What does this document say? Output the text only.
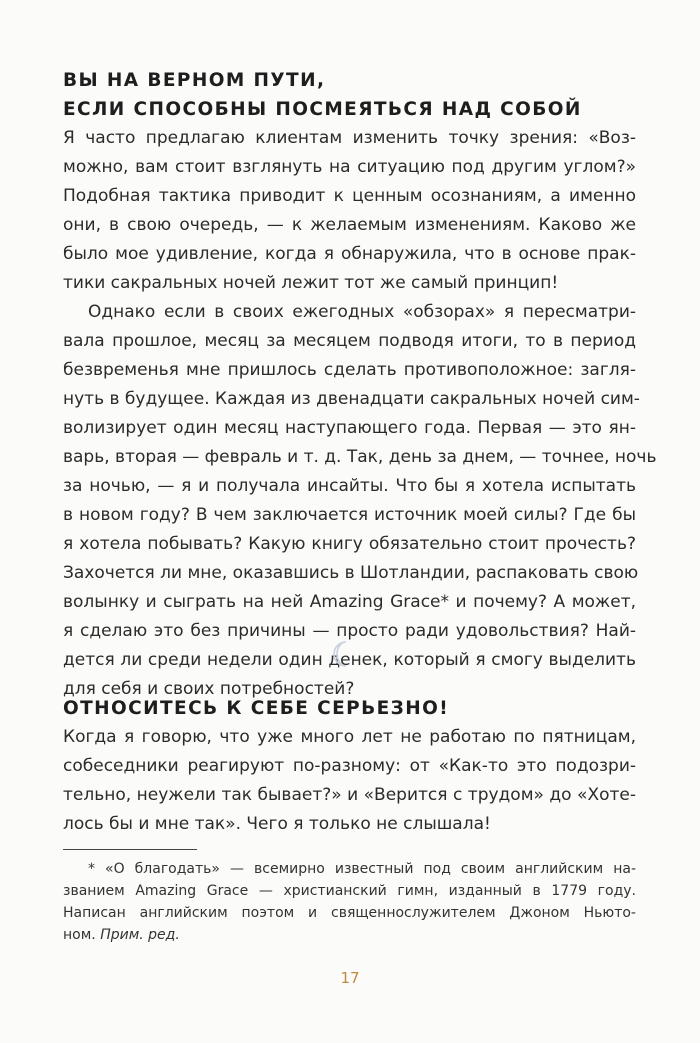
ВЫ НА ВЕРНОМ ПУТИ,
ЕСЛИ СПОСОБНЫ ПОСМЕЯТЬСЯ НАД СОБОЙ
Я часто предлагаю клиентам изменить точку зрения: «Воз-
можно, вам стоит взглянуть на ситуацию под другим углом?»
Подобная тактика приводит к ценным осознаниям, а именно
они, в свою очередь, — к желаемым изменениям. Каково же
было мое удивление, когда я обнаружила, что в основе прак-
тики сакральных ночей лежит тот же самый принцип!
Однако если в своих ежегодных «обзорах» я пересматри-
вала прошлое, месяц за месяцем подводя итоги, то в период
безвременья мне пришлось сделать противоположное: загля-
нуть в будущее. Каждая из двенадцати сакральных ночей сим-
волизирует один месяц наступающего года. Первая — это ян-
варь, вторая — февраль и т. д. Так, день за днем, — точнее, ночь
за ночью, — я и получала инсайты. Что бы я хотела испытать
в новом году? В чем заключается источник моей силы? Где бы
я хотела побывать? Какую книгу обязательно стоит прочесть?
Захочется ли мне, оказавшись в Шотландии, распаковать свою
волынку и сыграть на ней Amazing Grace* и почему? А может,
я сделаю это без причины — просто ради удовольствия? Най-
дется ли среди недели один денек, который я смогу выделить
для себя и своих потребностей?
ОТНОСИТЕСЬ К СЕБЕ СЕРЬЕЗНО!
Когда я говорю, что уже много лет не работаю по пятницам,
собеседники реагируют по-разному: от «Как-то это подозри-
тельно, неужели так бывает?» и «Верится с трудом» до «Хоте-
лось бы и мне так». Чего я только не слышала!
* «О благодать» — всемирно известный под своим английским на-
званием Amazing Grace — христианский гимн, изданный в 1779 году.
Написан английским поэтом и священнослужителем Джоном Ньюто-
ном. Прим. ред.
17
